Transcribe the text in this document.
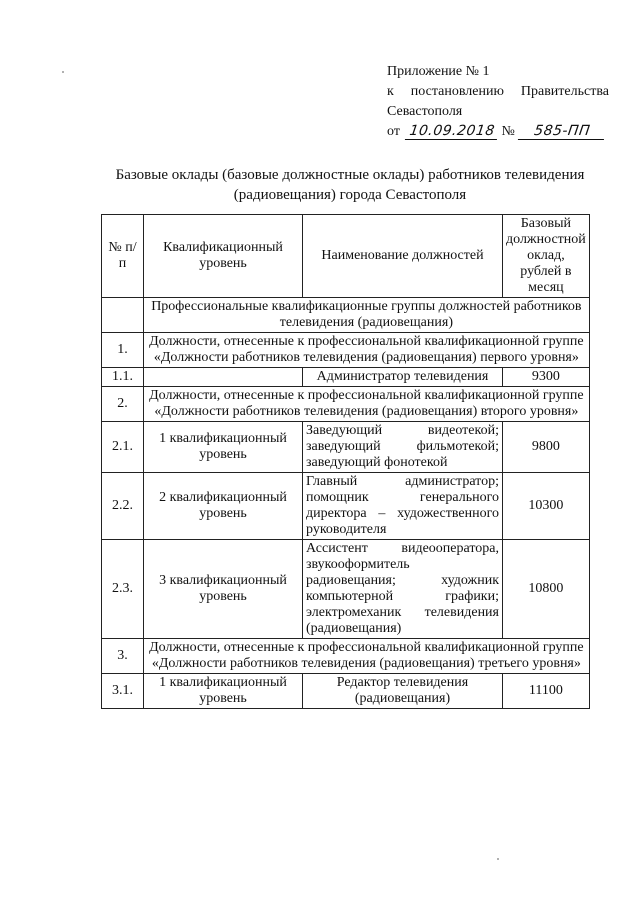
Приложение № 1
к постановлению Правительства
Севастополя
от 10.09.2018 № 585-ПП
Базовые оклады (базовые должностные оклады) работников телевидения
(радиовещания) города Севастополя
№ п/п	Квалификационный уровень	Наименование должностей	Базовый должностной оклад, рублей в месяц
	Профессиональные квалификационные группы должностей работников телевидения (радиовещания)		
1.	Должности, отнесенные к профессиональной квалификационной группе «Должности работников телевидения (радиовещания) первого уровня»		
1.1.		Администратор телевидения	9300
2.	Должности, отнесенные к профессиональной квалификационной группе «Должности работников телевидения (радиовещания) второго уровня»		
2.1.	1 квалификационный уровень	Заведующий видеотекой; заведующий фильмотекой; заведующий фонотекой	9800
2.2.	2 квалификационный уровень	Главный администратор; помощник генерального директора – художественного руководителя	10300
2.3.	3 квалификационный уровень	Ассистент видеооператора, звукооформитель радиовещания; художник компьютерной графики; электромеханик телевидения (радиовещания)	10800
3.	Должности, отнесенные к профессиональной квалификационной группе «Должности работников телевидения (радиовещания) третьего уровня»		
3.1.	1 квалификационный уровень	Редактор телевидения (радиовещания)	11100
